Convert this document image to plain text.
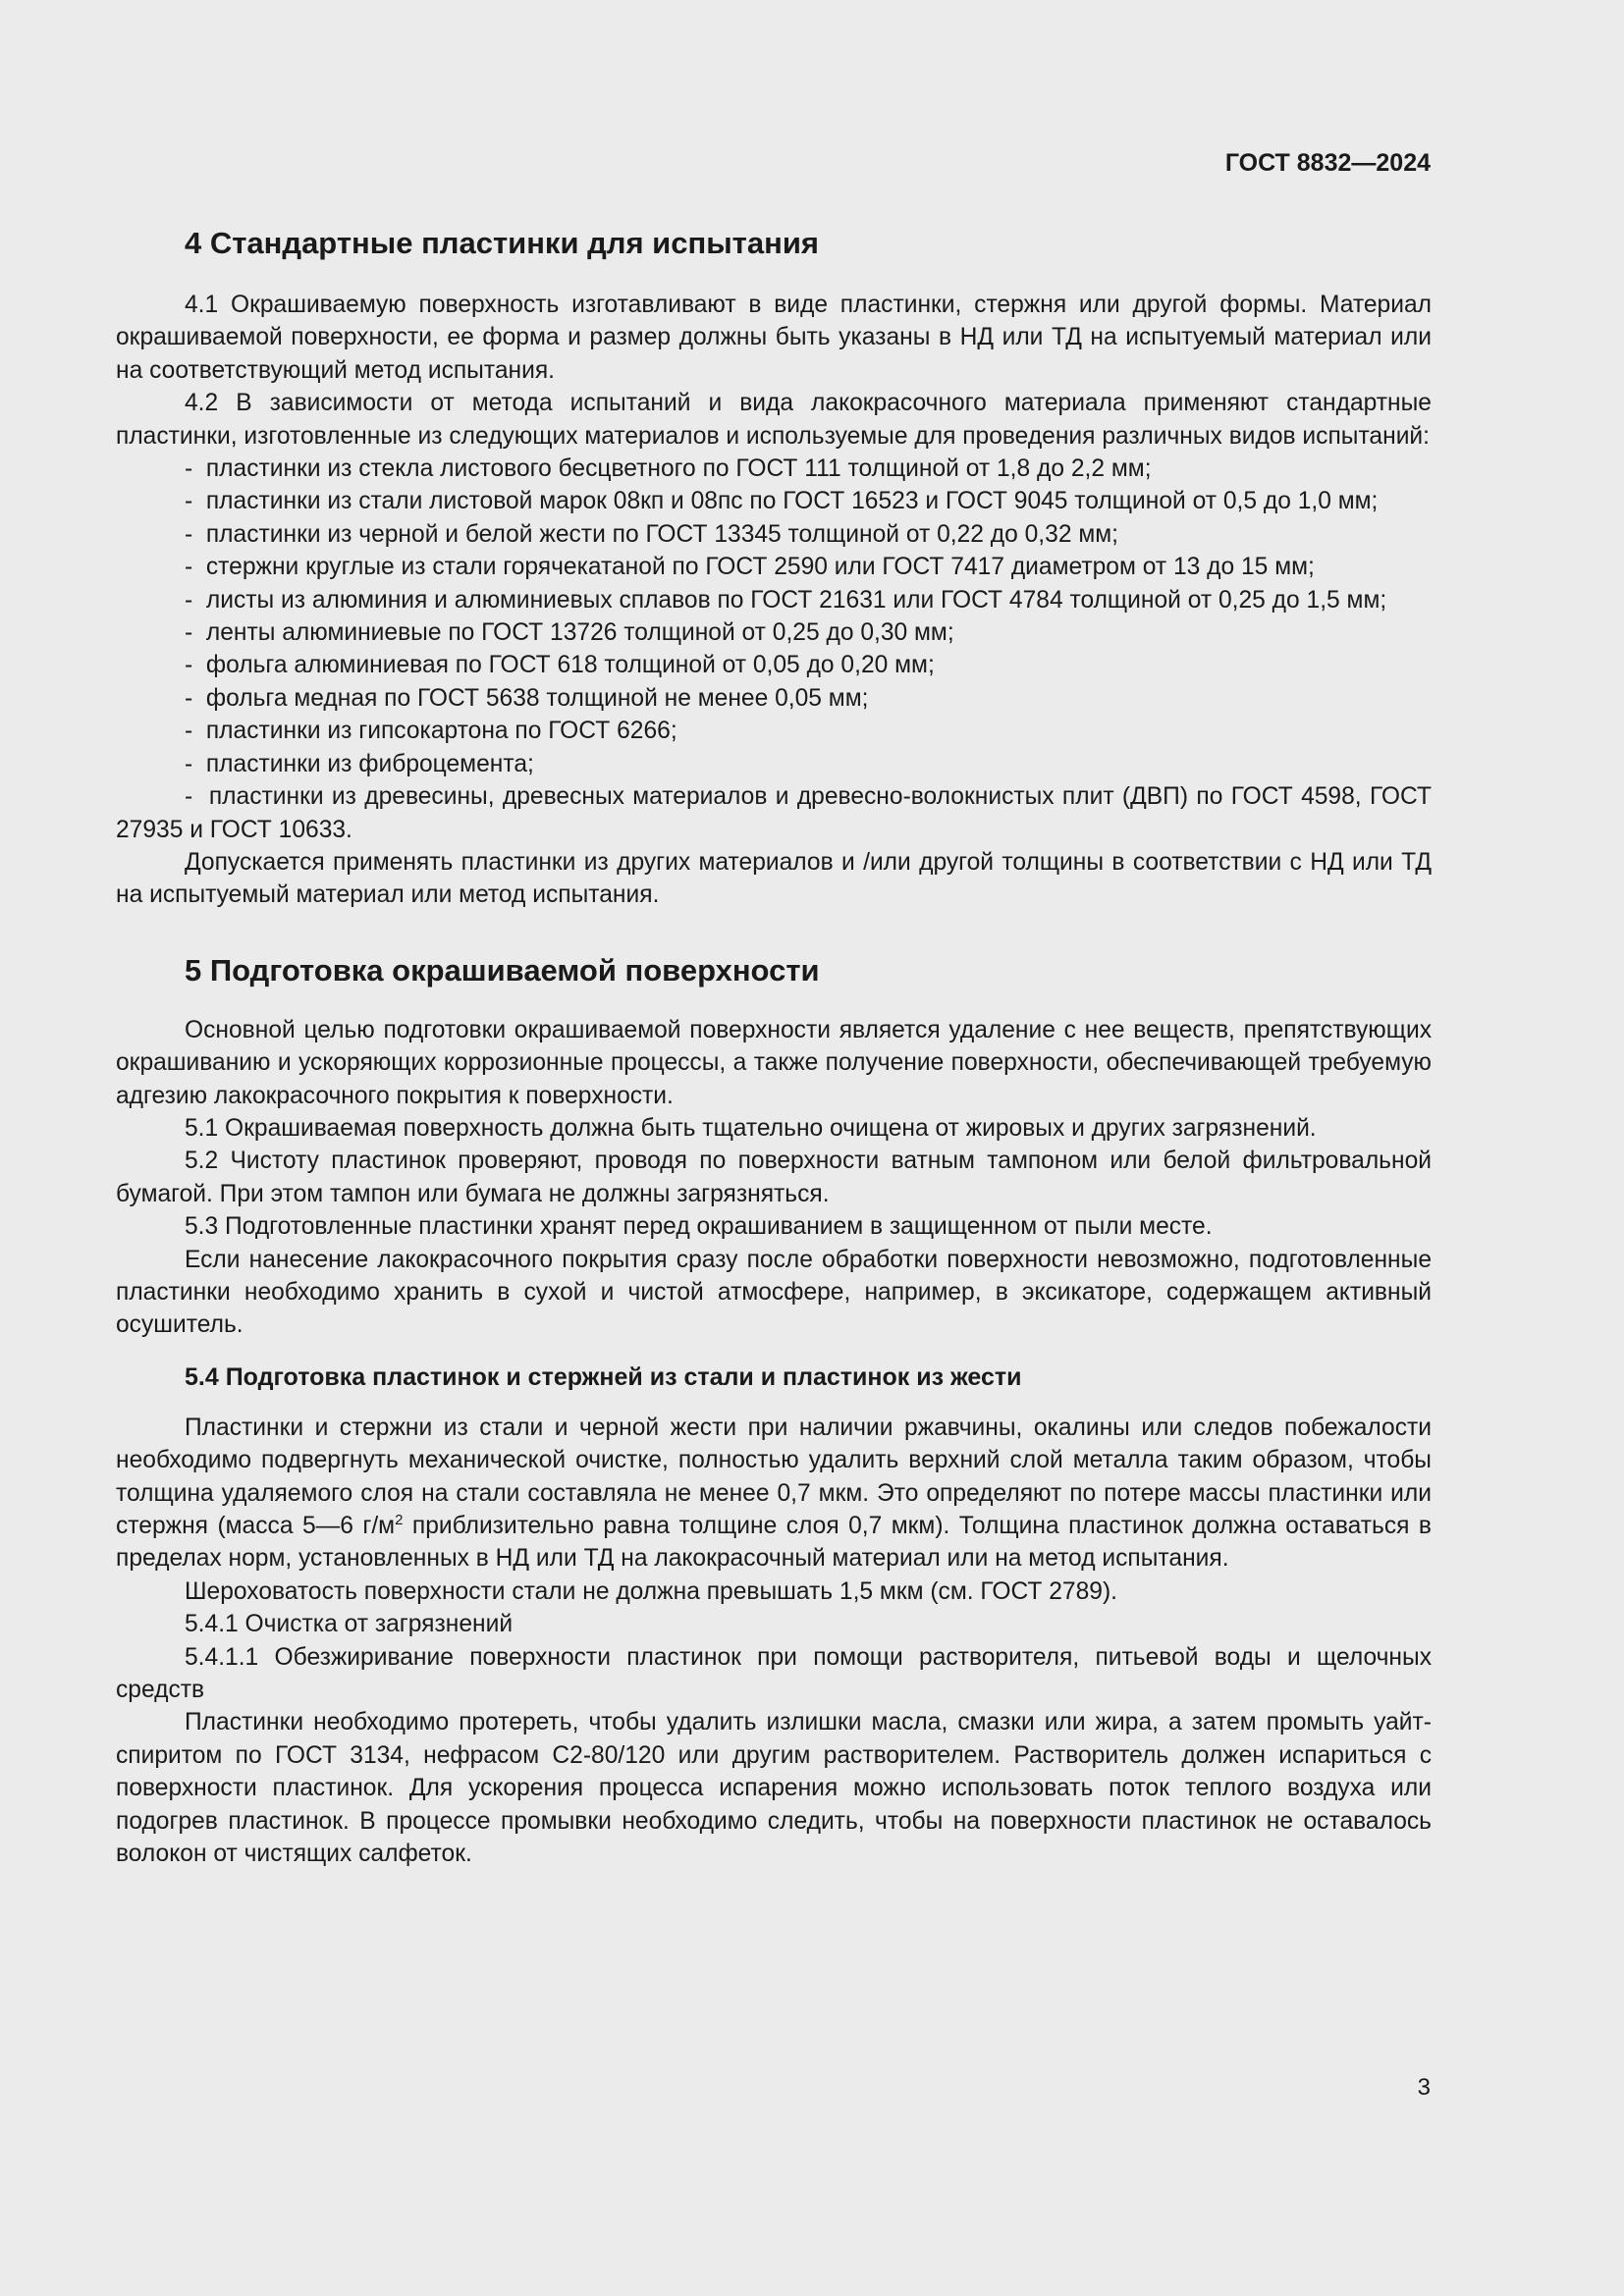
ГОСТ 8832—2024
4 Стандартные пластинки для испытания

4.1 Окрашиваемую поверхность изготавливают в виде пластинки, стержня или другой формы. Материал окрашиваемой поверхности, ее форма и размер должны быть указаны в НД или ТД на испытуемый материал или на соответствующий метод испытания.

4.2 В зависимости от метода испытаний и вида лакокрасочного материала применяют стандартные пластинки, изготовленные из следующих материалов и используемые для проведения различных видов испытаний:

-  пластинки из стекла листового бесцветного по ГОСТ 111 толщиной от 1,8 до 2,2 мм;
-  пластинки из стали листовой марок 08кп и 08пс по ГОСТ 16523 и ГОСТ 9045 толщиной от 0,5 до 1,0 мм;
-  пластинки из черной и белой жести по ГОСТ 13345 толщиной от 0,22 до 0,32 мм;
-  стержни круглые из стали горячекатаной по ГОСТ 2590 или ГОСТ 7417 диаметром от 13 до 15 мм;
-  листы из алюминия и алюминиевых сплавов по ГОСТ 21631 или ГОСТ 4784 толщиной от 0,25 до 1,5 мм;
-  ленты алюминиевые по ГОСТ 13726 толщиной от 0,25 до 0,30 мм;
-  фольга алюминиевая по ГОСТ 618 толщиной от 0,05 до 0,20 мм;
-  фольга медная по ГОСТ 5638 толщиной не менее 0,05 мм;
-  пластинки из гипсокартона по ГОСТ 6266;
-  пластинки из фиброцемента;
-  пластинки из древесины, древесных материалов и древесно-волокнистых плит (ДВП) по ГОСТ 4598, ГОСТ 27935 и ГОСТ 10633.

Допускается применять пластинки из других материалов и /или другой толщины в соответствии с НД или ТД на испытуемый материал или метод испытания.

5 Подготовка окрашиваемой поверхности

Основной целью подготовки окрашиваемой поверхности является удаление с нее веществ, препятствующих окрашиванию и ускоряющих коррозионные процессы, а также получение поверхности, обеспечивающей требуемую адгезию лакокрасочного покрытия к поверхности.

5.1 Окрашиваемая поверхность должна быть тщательно очищена от жировых и других загрязнений.

5.2 Чистоту пластинок проверяют, проводя по поверхности ватным тампоном или белой фильтровальной бумагой. При этом тампон или бумага не должны загрязняться.

5.3 Подготовленные пластинки хранят перед окрашиванием в защищенном от пыли месте.

Если нанесение лакокрасочного покрытия сразу после обработки поверхности невозможно, подготовленные пластинки необходимо хранить в сухой и чистой атмосфере, например, в эксикаторе, содержащем активный осушитель.

5.4 Подготовка пластинок и стержней из стали и пластинок из жести

Пластинки и стержни из стали и черной жести при наличии ржавчины, окалины или следов побежалости необходимо подвергнуть механической очистке, полностью удалить верхний слой металла таким образом, чтобы толщина удаляемого слоя на стали составляла не менее 0,7 мкм. Это определяют по потере массы пластинки или стержня (масса 5—6 $г/м^2$ приблизительно равна толщине слоя 0,7 мкм). Толщина пластинок должна оставаться в пределах норм, установленных в НД или ТД на лакокрасочный материал или на метод испытания.

Шероховатость поверхности стали не должна превышать 1,5 мкм (см. ГОСТ 2789).

5.4.1 Очистка от загрязнений

5.4.1.1 Обезжиривание поверхности пластинок при помощи растворителя, питьевой воды и щелочных средств

Пластинки необходимо протереть, чтобы удалить излишки масла, смазки или жира, а затем промыть уайт-спиритом по ГОСТ 3134, нефрасом С2-80/120 или другим растворителем. Растворитель должен испариться с поверхности пластинок. Для ускорения процесса испарения можно использовать поток теплого воздуха или подогрев пластинок. В процессе промывки необходимо следить, чтобы на поверхности пластинок не оставалось волокон от чистящих салфеток.

3
